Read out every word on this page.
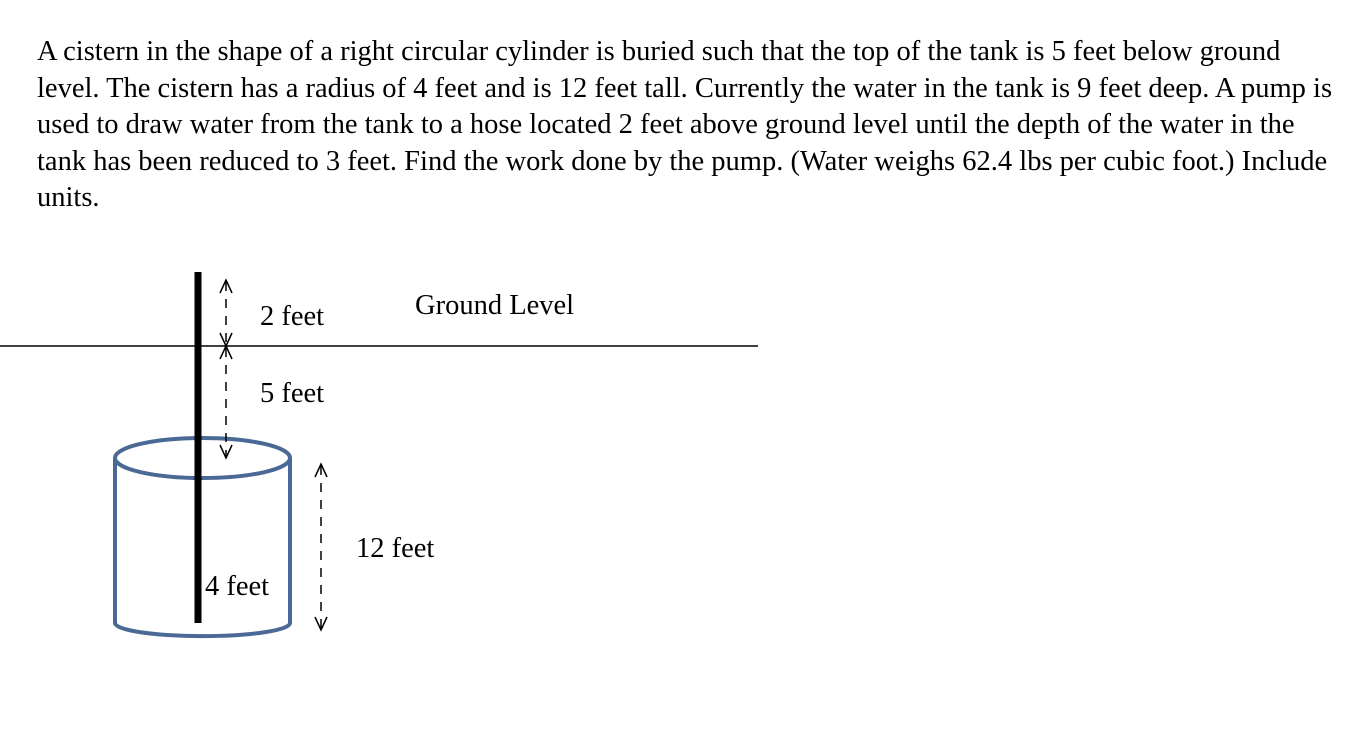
A cistern in the shape of a right circular cylinder is buried such that the top of the tank is 5 feet below ground level. The cistern has a radius of 4 feet and is 12 feet tall. Currently the water in the tank is 9 feet deep. A pump is used to draw water from the tank to a hose located 2 feet above ground level until the depth of the water in the tank has been reduced to 3 feet. Find the work done by the pump. (Water weighs 62.4 lbs per cubic foot.) Include units.

Ground Level
2 feet
5 feet
12 feet
4 feet
